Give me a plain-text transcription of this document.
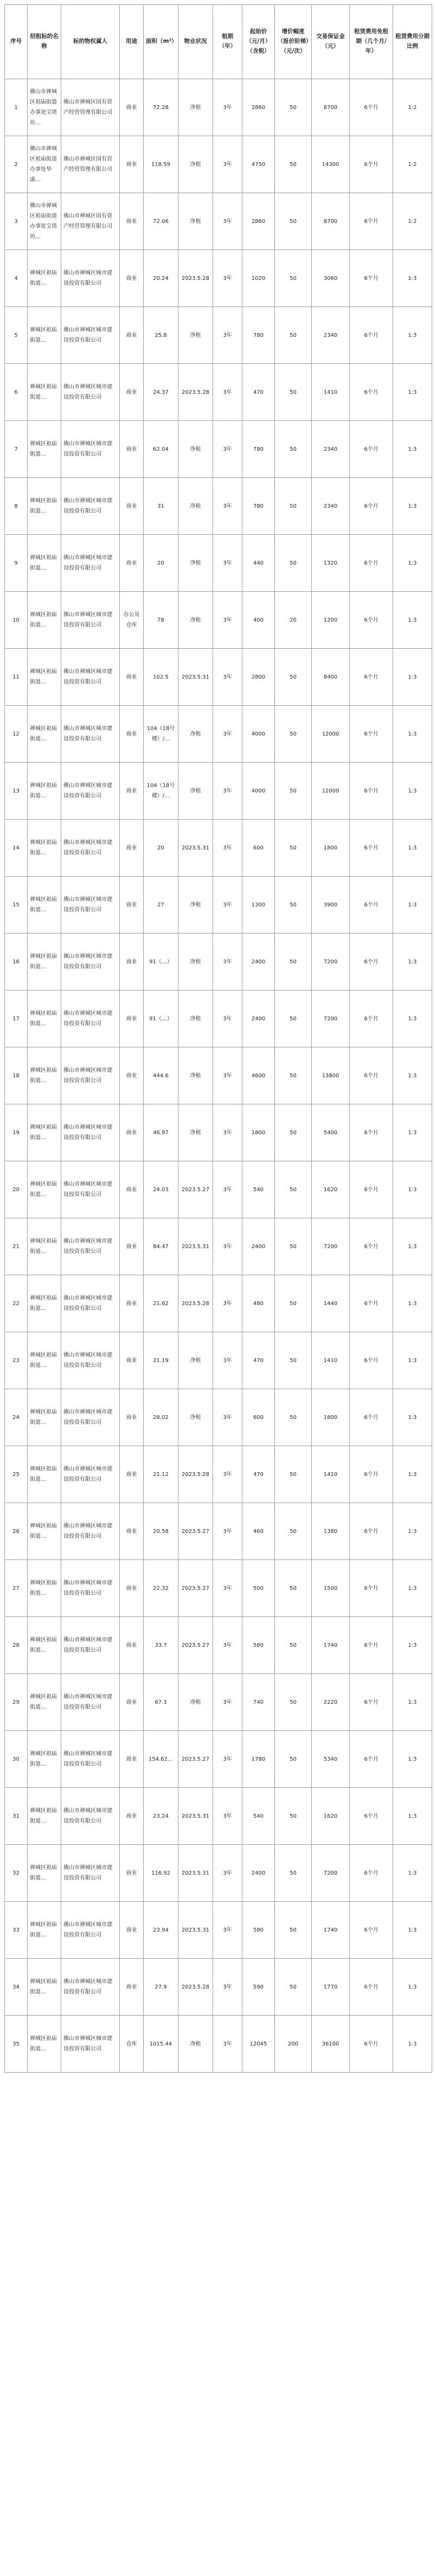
序号	招租标的名称	标的物权属人	用途	面积（m²）	物业状况	租期（年）	起始价（元/月）（含税）	增价幅度（报价阶梯）（元/次）	交易保证金（元）	租赁费用免租期（几个月/年）	租赁费用分期比例
1	佛山市禅城区祖庙街道办事处宝塔坊…	佛山市禅城区国有资产经营管理有限公司	商业	72.28	净租	3年	2860	50	8700	6个月	1:2
2	佛山市禅城区祖庙街道办事处华康…	佛山市禅城区国有资产经营管理有限公司	商业	118.59	净租	3年	4750	50	14300	6个月	1:2
3	佛山市禅城区祖庙街道办事处宝塔坊…	佛山市禅城区国有资产经营管理有限公司	商业	72.06	净租	3年	2860	50	8700	6个月	1:2
4	禅城区祖庙街道…	佛山市禅城区城市建设投资有限公司	商业	20.24	2023.5.28	3年	1020	50	3060	6个月	1:3
5	禅城区祖庙街道…	佛山市禅城区城市建设投资有限公司	商业	25.8	净租	3年	780	50	2340	6个月	1:3
6	禅城区祖庙街道…	佛山市禅城区城市建设投资有限公司	商业	24.37	2023.5.28	3年	470	50	1410	6个月	1:3
7	禅城区祖庙街道…	佛山市禅城区城市建设投资有限公司	商业	62.04	净租	3年	780	50	2340	6个月	1:3
8	禅城区祖庙街道…	佛山市禅城区城市建设投资有限公司	商业	31	净租	3年	780	50	2340	6个月	1:3
9	禅城区祖庙街道…	佛山市禅城区城市建设投资有限公司	商业	20	净租	3年	440	50	1320	6个月	1:3
10	禅城区祖庙街道…	佛山市禅城区城市建设投资有限公司	办公及仓库	78	净租	3年	400	20	1200	6个月	1:3
11	禅城区祖庙街道…	佛山市禅城区城市建设投资有限公司	商业	102.5	2023.5.31	3年	2800	50	8400	6个月	1:3
12	禅城区祖庙街道…	佛山市禅城区城市建设投资有限公司	商业	104（18号楼）/…	净租	3年	4000	50	12000	6个月	1:3
13	禅城区祖庙街道…	佛山市禅城区城市建设投资有限公司	商业	104（18号楼）/…	净租	3年	4000	50	12000	6个月	1:3
14	禅城区祖庙街道…	佛山市禅城区城市建设投资有限公司	商业	20	2023.5.31	3年	600	50	1800	6个月	1:3
15	禅城区祖庙街道…	佛山市禅城区城市建设投资有限公司	商业	27	净租	3年	1300	50	3900	6个月	1:3
16	禅城区祖庙街道…	佛山市禅城区城市建设投资有限公司	商业	91（…）	净租	3年	2400	50	7200	6个月	1:3
17	禅城区祖庙街道…	佛山市禅城区城市建设投资有限公司	商业	91（…）	净租	3年	2400	50	7200	6个月	1:3
18	禅城区祖庙街道…	佛山市禅城区城市建设投资有限公司	商业	444.6	净租	3年	4600	50	13800	6个月	1:3
19	禅城区祖庙街道…	佛山市禅城区城市建设投资有限公司	商业	46.97	净租	3年	1800	50	5400	6个月	1:3
20	禅城区祖庙街道…	佛山市禅城区城市建设投资有限公司	商业	24.03	2023.5.27	3年	540	50	1620	6个月	1:3
21	禅城区祖庙街道…	佛山市禅城区城市建设投资有限公司	商业	84.47	2023.5.31	3年	2400	50	7200	6个月	1:3
22	禅城区祖庙街道…	佛山市禅城区城市建设投资有限公司	商业	21.62	2023.5.28	3年	480	50	1440	6个月	1:3
23	禅城区祖庙街道…	佛山市禅城区城市建设投资有限公司	商业	21.19	净租	3年	470	50	1410	6个月	1:3
24	禅城区祖庙街道…	佛山市禅城区城市建设投资有限公司	商业	28.02	净租	3年	600	50	1800	6个月	1:3
25	禅城区祖庙街道…	佛山市禅城区城市建设投资有限公司	商业	21.12	2023.5.28	3年	470	50	1410	6个月	1:3
26	禅城区祖庙街道…	佛山市禅城区城市建设投资有限公司	商业	20.58	2023.5.27	3年	460	50	1380	6个月	1:3
27	禅城区祖庙街道…	佛山市禅城区城市建设投资有限公司	商业	22.32	2023.5.27	3年	500	50	1500	6个月	1:3
28	禅城区祖庙街道…	佛山市禅城区城市建设投资有限公司	商业	33.7	2023.5.27	3年	580	50	1740	6个月	1:3
29	禅城区祖庙街道…	佛山市禅城区城市建设投资有限公司	商业	67.3	净租	3年	740	50	2220	6个月	1:3
30	禅城区祖庙街道…	佛山市禅城区城市建设投资有限公司	商业	154.62…	2023.5.27	3年	1780	50	5340	6个月	1:3
31	禅城区祖庙街道…	佛山市禅城区城市建设投资有限公司	商业	23.24	2023.5.31	3年	540	50	1620	6个月	1:3
32	禅城区祖庙街道…	佛山市禅城区城市建设投资有限公司	商业	116.92	2023.5.31	3年	2400	50	7200	6个月	1:3
33	禅城区祖庙街道…	佛山市禅城区城市建设投资有限公司	商业	23.94	2023.5.31	3年	580	50	1740	6个月	1:3
34	禅城区祖庙街道…	佛山市禅城区城市建设投资有限公司	商业	27.9	2023.5.28	3年	590	50	1770	6个月	1:3
35	禅城区祖庙街道…	佛山市禅城区城市建设投资有限公司	仓库	1015.44	净租	3年	12045	200	36100	6个月	1:3
